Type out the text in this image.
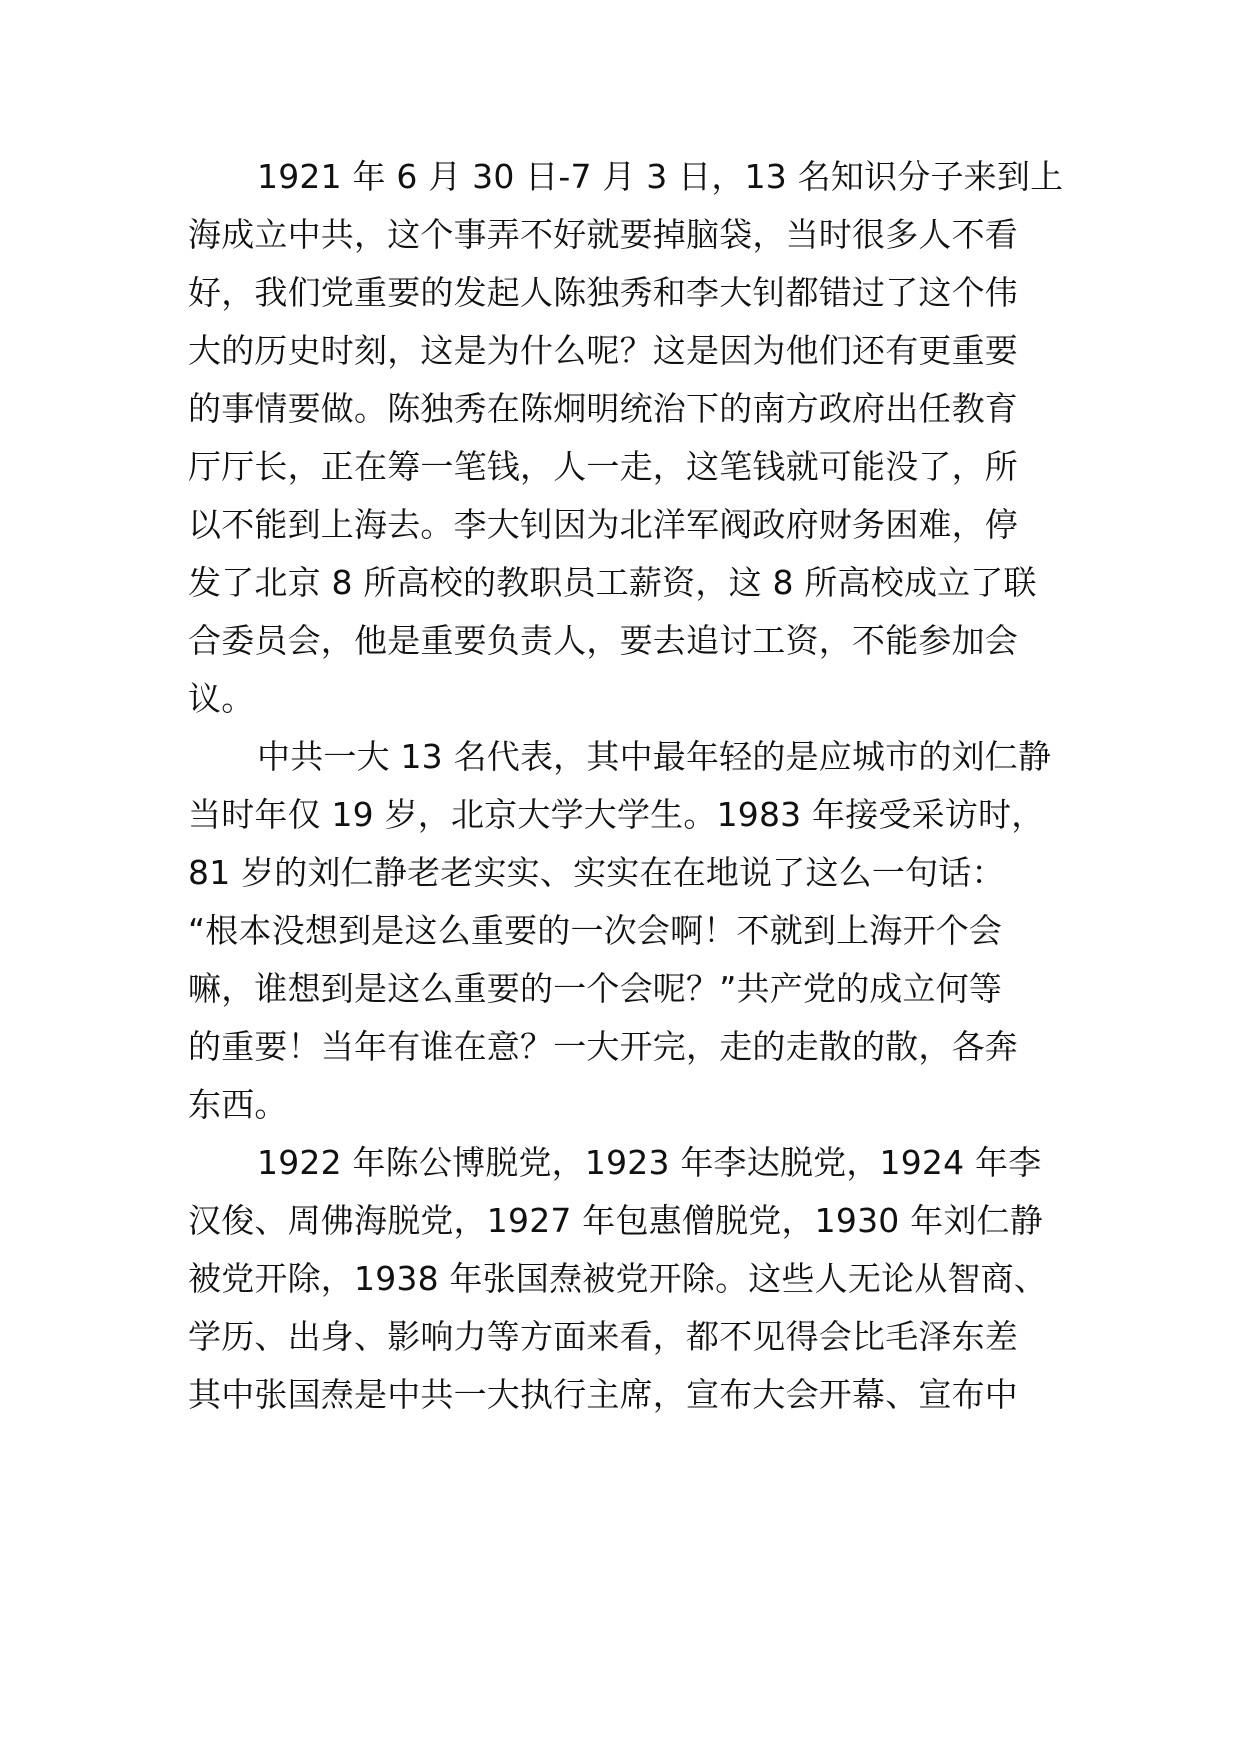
1921 年 6 月 30 日-7 月 3 日，13 名知识分子来到上
海成立中共，这个事弄不好就要掉脑袋，当时很多人不看
好，我们党重要的发起人陈独秀和李大钊都错过了这个伟
大的历史时刻，这是为什么呢？这是因为他们还有更重要
的事情要做。陈独秀在陈炯明统治下的南方政府出任教育
厅厅长，正在筹一笔钱，人一走，这笔钱就可能没了，所
以不能到上海去。李大钊因为北洋军阀政府财务困难，停
发了北京 8 所高校的教职员工薪资，这 8 所高校成立了联
合委员会，他是重要负责人，要去追讨工资，不能参加会
议。
中共一大 13 名代表，其中最年轻的是应城市的刘仁静
当时年仅 19 岁，北京大学大学生。1983 年接受采访时，
81 岁的刘仁静老老实实、实实在在地说了这么一句话：
“根本没想到是这么重要的一次会啊！不就到上海开个会
嘛，谁想到是这么重要的一个会呢？”共产党的成立何等
的重要！当年有谁在意？一大开完，走的走散的散，各奔
东西。
1922 年陈公博脱党，1923 年李达脱党，1924 年李
汉俊、周佛海脱党，1927 年包惠僧脱党，1930 年刘仁静
被党开除，1938 年张国焘被党开除。这些人无论从智商、
学历、出身、影响力等方面来看，都不见得会比毛泽东差
其中张国焘是中共一大执行主席，宣布大会开幕、宣布中
